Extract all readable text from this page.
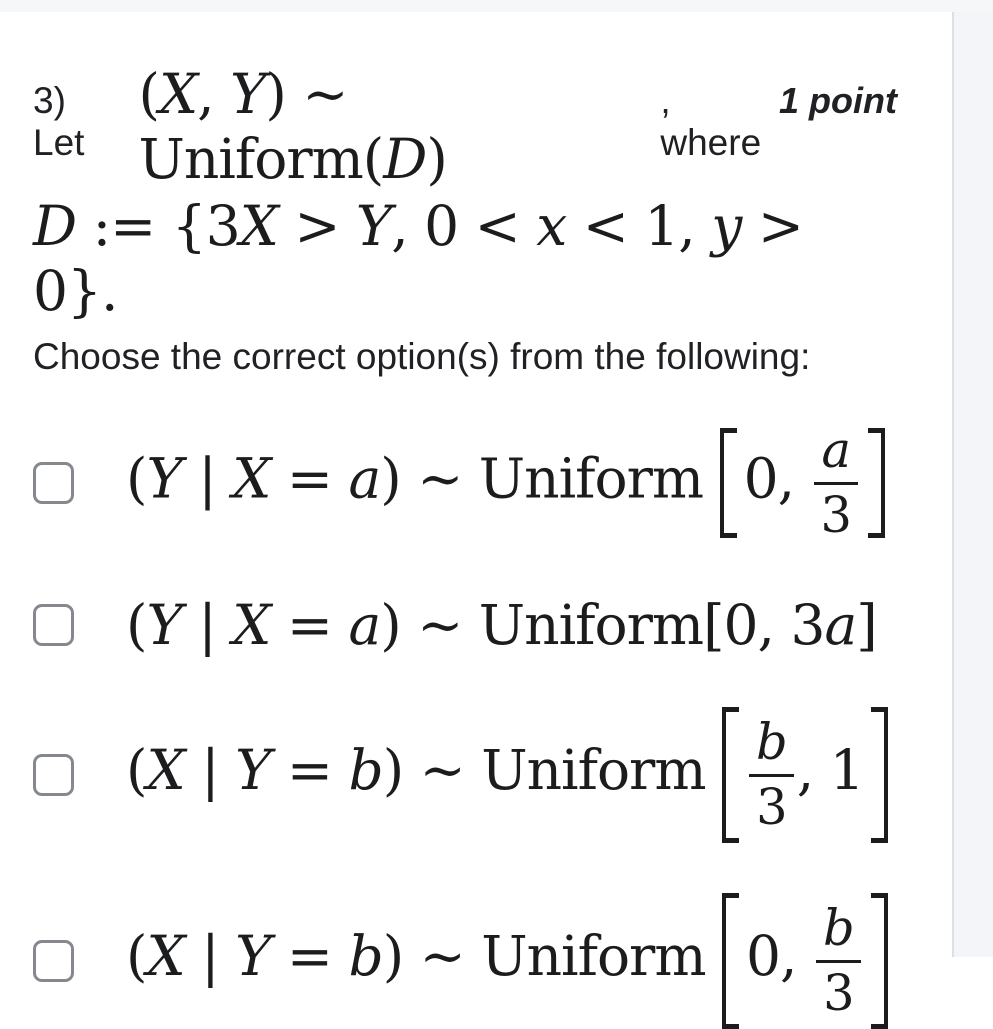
3) Let
(X, Y) ∼ Uniform(D)
, where
1 point
D := {3X > Y, 0 < x < 1, y > 0}.
Choose the correct option(s) from the following:
(Y | X = a) ∼ Uniform 0, $\frac{a}{3}$
(Y | X = a) ∼ Uniform[0, 3a]
(X | Y = b) ∼ Uniform $\frac{b}{3}$ , 1
(X | Y = b) ∼ Uniform 0, $\frac{b}{3}$
